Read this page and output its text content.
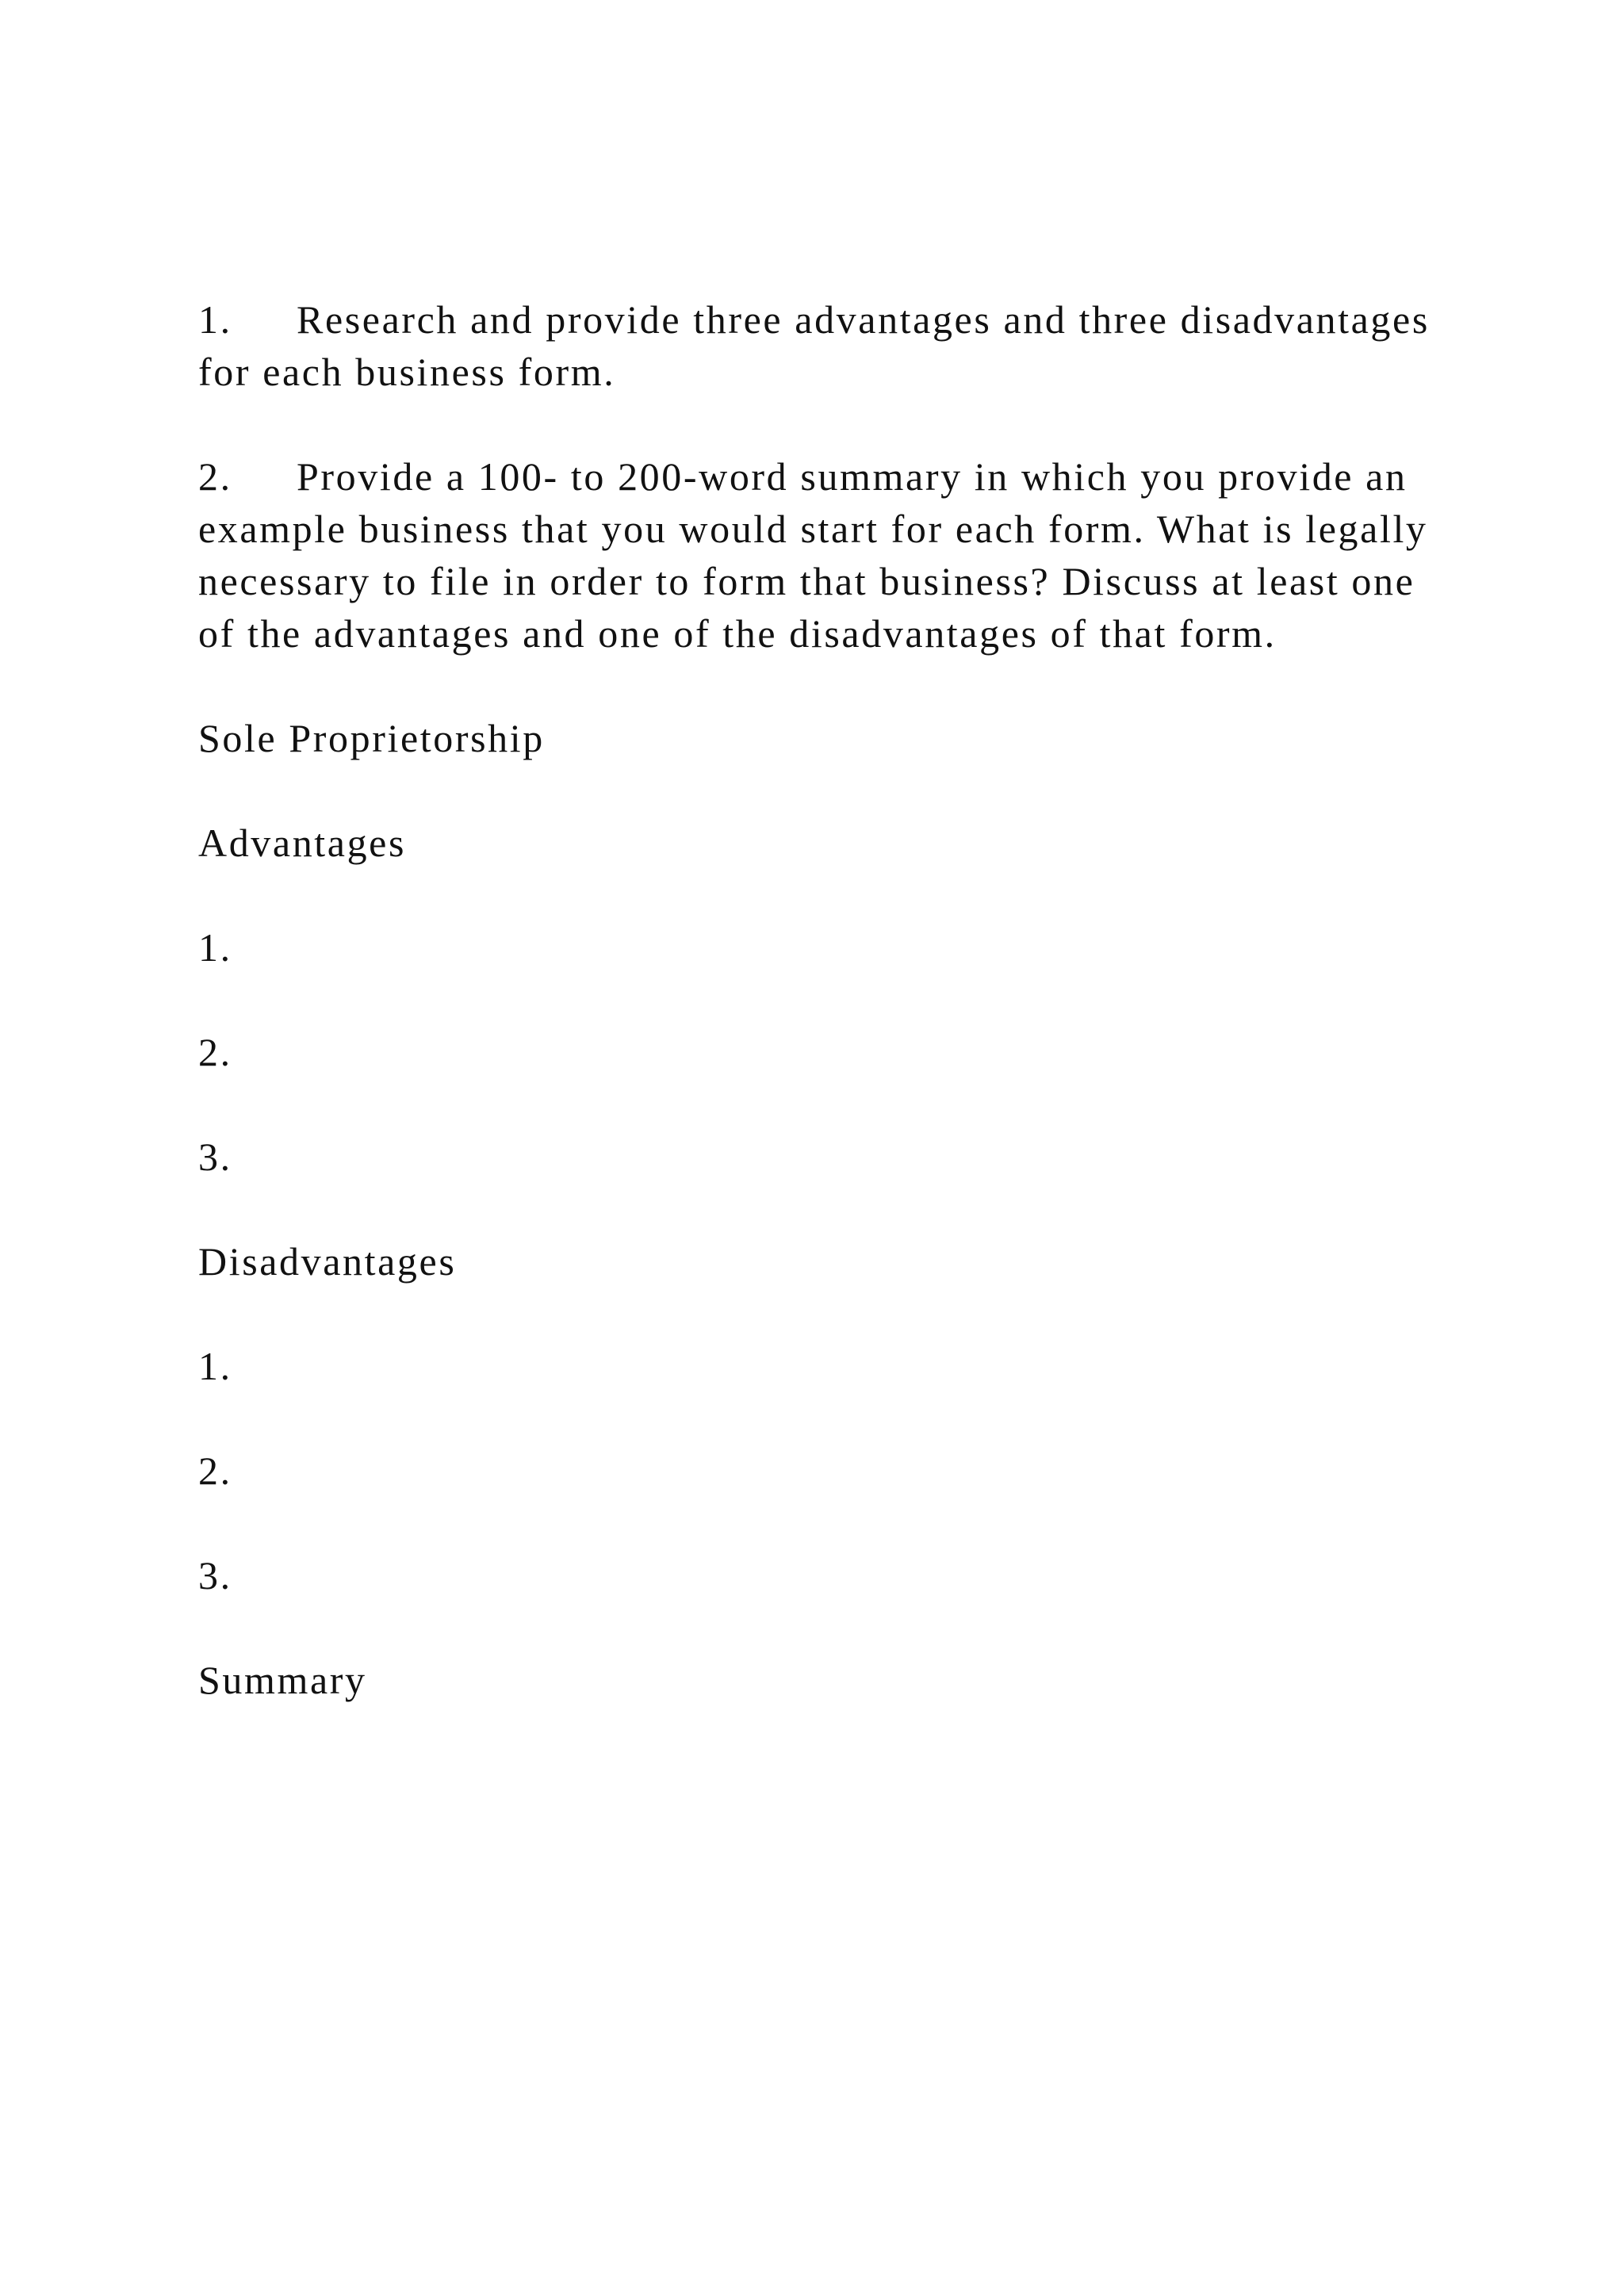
1. Research and provide three advantages and three disadvantages for each business form.

2. Provide a 100- to 200-word summary in which you provide an example business that you would start for each form. What is legally necessary to file in order to form that business? Discuss at least one of the advantages and one of the disadvantages of that form.

Sole Proprietorship

Advantages

1.

2.

3.

Disadvantages

1.

2.

3.

Summary
